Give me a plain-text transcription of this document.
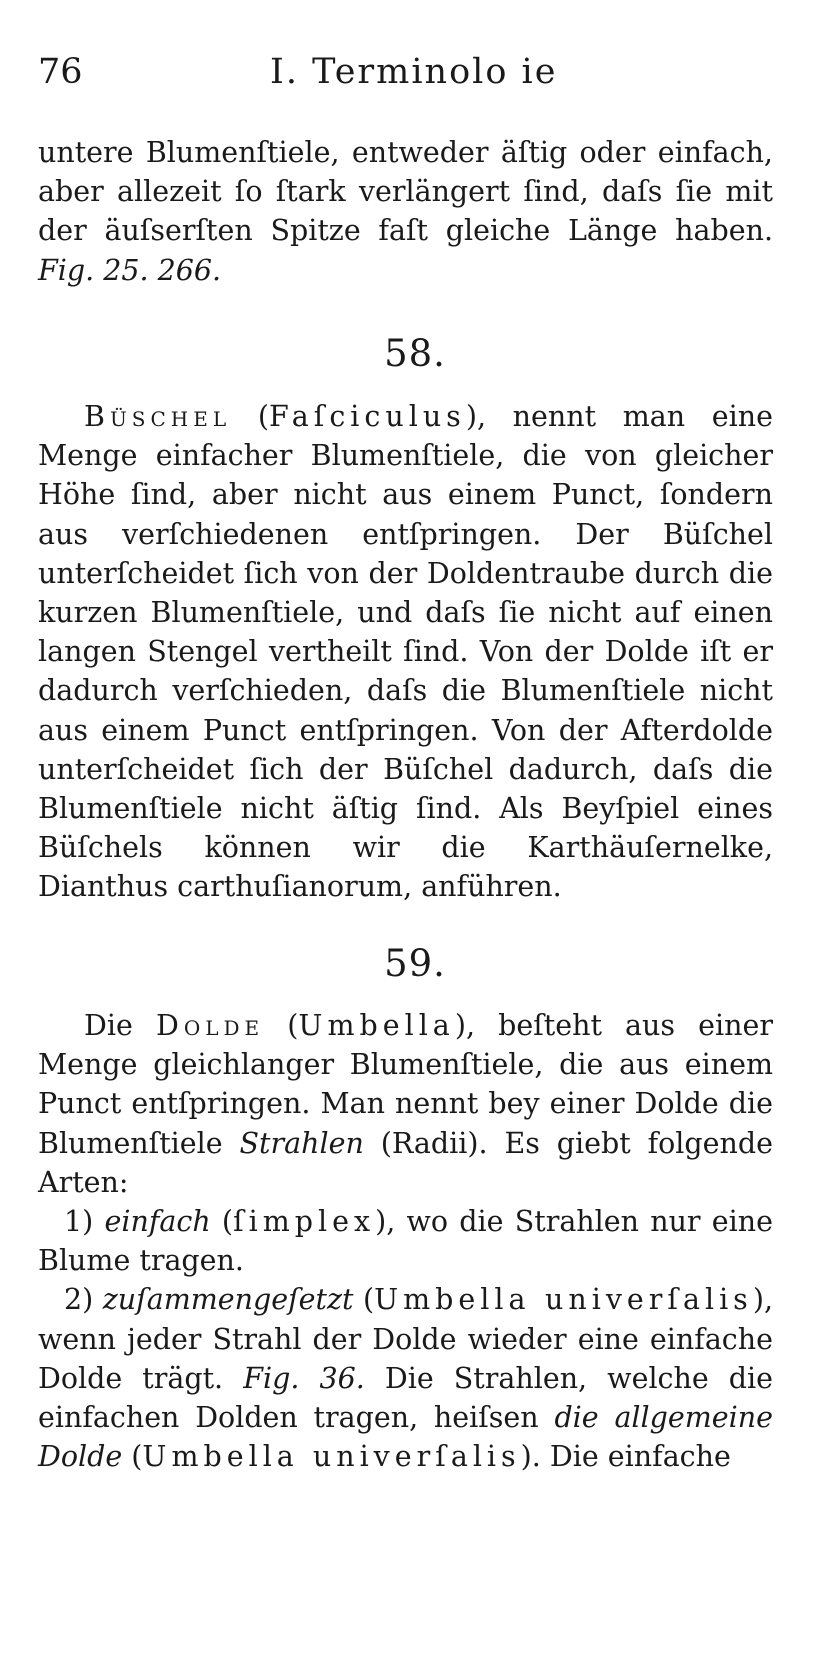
76	I. Terminolo ie

untere Blumenſtiele, entweder äſtig oder einfach, aber allezeit ſo ſtark verlängert ſind, daſs ſie mit der äuſserſten Spitze faſt gleiche Länge haben. Fig. 25. 266.

58.

Büschel (Faſciculus), nennt man eine Menge einfacher Blumenſtiele, die von gleicher Höhe ſind, aber nicht aus einem Punct, ſondern aus verſchiedenen entſpringen. Der Büſchel unterſcheidet ſich von der Doldentraube durch die kurzen Blumenſtiele, und daſs ſie nicht auf einen langen Stengel vertheilt ſind. Von der Dolde iſt er dadurch verſchieden, daſs die Blumenſtiele nicht aus einem Punct entſpringen. Von der Afterdolde unterſcheidet ſich der Büſchel dadurch, daſs die Blumenſtiele nicht äſtig ſind. Als Beyſpiel eines Büſchels können wir die Karthäuſernelke, Dianthus carthuſianorum, anführen.

59.

Die Dolde (Umbella), beſteht aus einer Menge gleichlanger Blumenſtiele, die aus einem Punct entſpringen. Man nennt bey einer Dolde die Blumenſtiele Strahlen (Radii). Es giebt folgende Arten:

1) einfach (ſimplex), wo die Strahlen nur eine Blume tragen.

2) zuſammengeſetzt (Umbella univerſalis), wenn jeder Strahl der Dolde wieder eine einfache Dolde trägt. Fig. 36. Die Strahlen, welche die einfachen Dolden tragen, heiſsen die allgemeine Dolde (Umbella univerſalis). Die einfache
